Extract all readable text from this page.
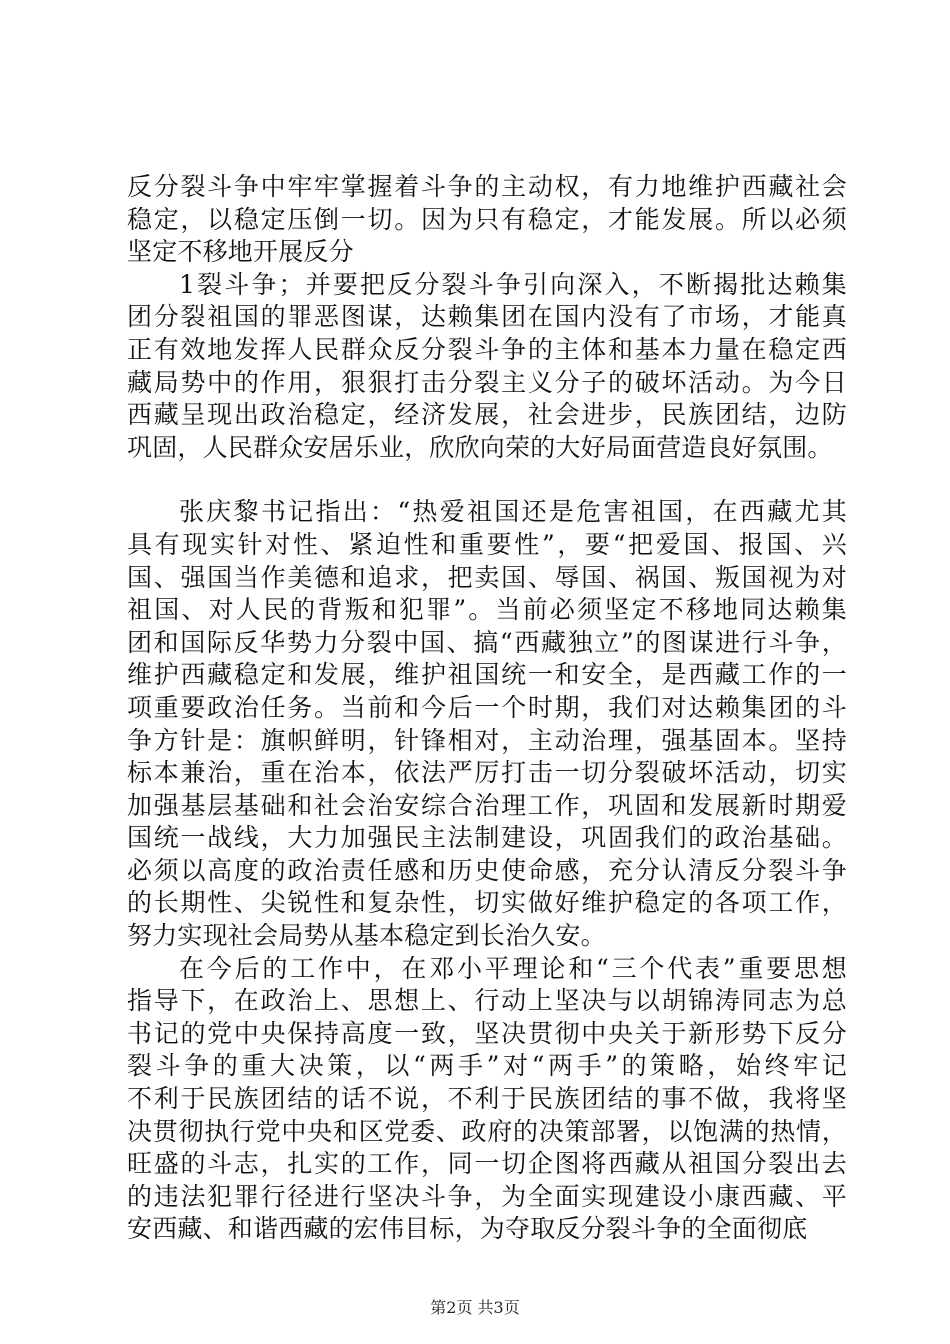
反分裂斗争中牢牢掌握着斗争的主动权，有力地维护西藏社会
稳定，以稳定压倒一切。因为只有稳定，才能发展。所以必须
坚定不移地开展反分
1裂斗争；并要把反分裂斗争引向深入，不断揭批达赖集
团分裂祖国的罪恶图谋，达赖集团在国内没有了市场，才能真
正有效地发挥人民群众反分裂斗争的主体和基本力量在稳定西
藏局势中的作用，狠狠打击分裂主义分子的破坏活动。为今日
西藏呈现出政治稳定，经济发展，社会进步，民族团结，边防
巩固，人民群众安居乐业，欣欣向荣的大好局面营造良好氛围。
张庆黎书记指出：“热爱祖国还是危害祖国，在西藏尤其
具有现实针对性、紧迫性和重要性”，要“把爱国、报国、兴
国、强国当作美德和追求，把卖国、辱国、祸国、叛国视为对
祖国、对人民的背叛和犯罪”。当前必须坚定不移地同达赖集
团和国际反华势力分裂中国、搞“西藏独立”的图谋进行斗争，
维护西藏稳定和发展，维护祖国统一和安全，是西藏工作的一
项重要政治任务。当前和今后一个时期，我们对达赖集团的斗
争方针是：旗帜鲜明，针锋相对，主动治理，强基固本。坚持
标本兼治，重在治本，依法严厉打击一切分裂破坏活动，切实
加强基层基础和社会治安综合治理工作，巩固和发展新时期爱
国统一战线，大力加强民主法制建设，巩固我们的政治基础。
必须以高度的政治责任感和历史使命感，充分认清反分裂斗争
的长期性、尖锐性和复杂性，切实做好维护稳定的各项工作，
努力实现社会局势从基本稳定到长治久安。
在今后的工作中，在邓小平理论和“三个代表”重要思想
指导下，在政治上、思想上、行动上坚决与以胡锦涛同志为总
书记的党中央保持高度一致，坚决贯彻中央关于新形势下反分
裂斗争的重大决策，以“两手”对“两手”的策略，始终牢记
不利于民族团结的话不说，不利于民族团结的事不做，我将坚
决贯彻执行党中央和区党委、政府的决策部署，以饱满的热情，
旺盛的斗志，扎实的工作，同一切企图将西藏从祖国分裂出去
的违法犯罪行径进行坚决斗争，为全面实现建设小康西藏、平
安西藏、和谐西藏的宏伟目标，为夺取反分裂斗争的全面彻底
第2页 共3页
